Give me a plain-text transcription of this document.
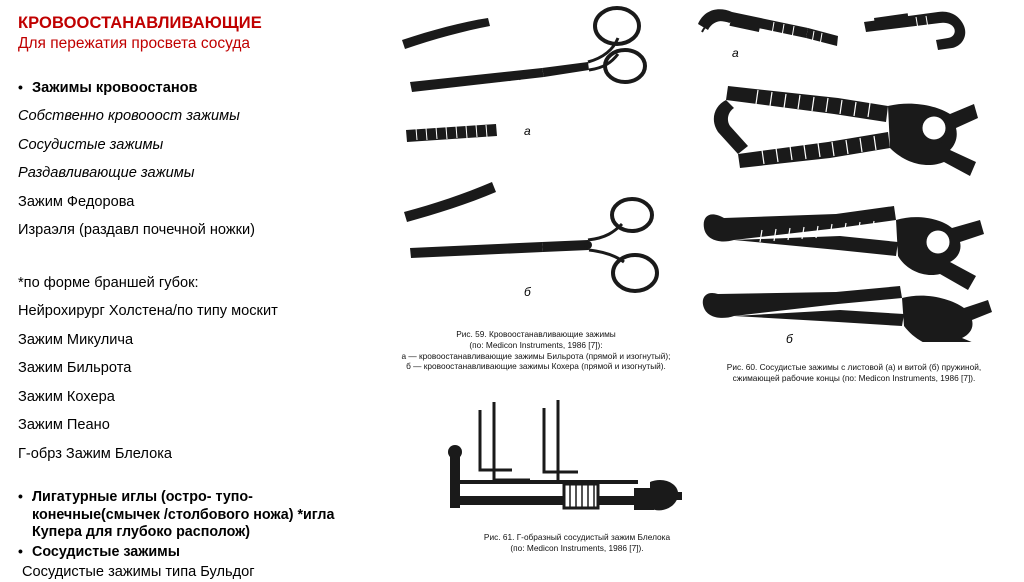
КРОВООСТАНАВЛИВАЮЩИЕ
Для пережатия просвета сосуда
• Зажимы кровоостанов
Собственно кровооост зажимы
Сосудистые зажимы
Раздавливающие зажимы
Зажим Федорова
Израэля (раздавл почечной ножки)
*по форме браншей губок:
Нейрохирург Холстена/по типу москит
Зажим Микулича
Зажим Бильрота
Зажим Кохера
Зажим Пеано
Г-обрз Зажим Блелока
• Лигатурные иглы (остро- тупо-
конечные(смычек /столбового ножа) *игла
Купера для глубоко располож)
• Сосудистые зажимы
Сосудистые зажимы типа Бульдог
а
б
Рис. 59. Кровоостанавливающие зажимы
(по: Medicon Instruments, 1986 [7]):
а — кровоостанавливающие зажимы Бильрота (прямой и изогнутый);
б — кровоостанавливающие зажимы Кохера (прямой и изогнутый).
а
б
Рис. 60. Сосудистые зажимы с листовой (а) и витой (б) пружиной,
сжимающей рабочие концы (по: Medicon Instruments, 1986 [7]).
Рис. 61. Г-образный сосудистый зажим Блелока
(по: Medicon Instruments, 1986 [7]).
